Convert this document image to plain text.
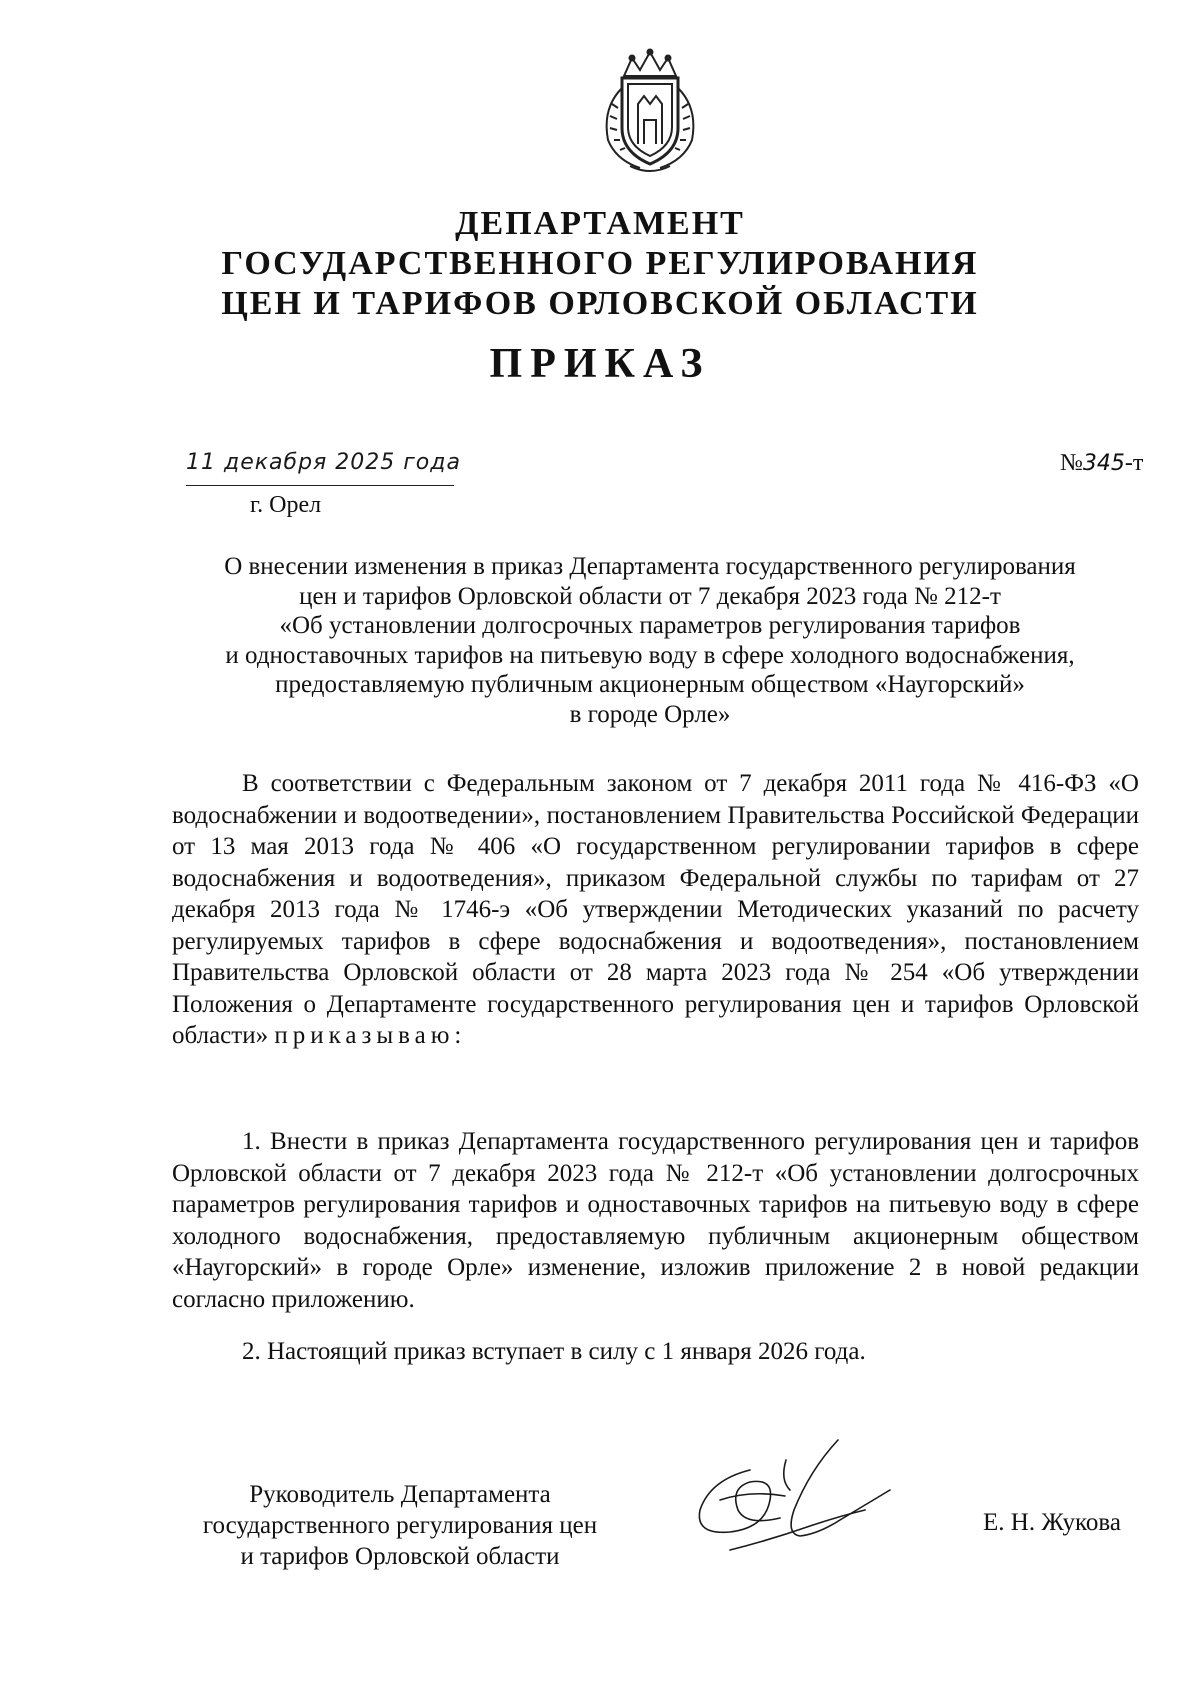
ДЕПАРТАМЕНТ
ГОСУДАРСТВЕННОГО РЕГУЛИРОВАНИЯ
ЦЕН И ТАРИФОВ ОРЛОВСКОЙ ОБЛАСТИ
ПРИКАЗ
11 декабря 2025 года
г. Орел
№345-т
О внесении изменения в приказ Департамента государственного регулирования
цен и тарифов Орловской области от 7 декабря 2023 года № 212-т
«Об установлении долгосрочных параметров регулирования тарифов
и одноставочных тарифов на питьевую воду в сфере холодного водоснабжения,
предоставляемую публичным акционерным обществом «Наугорский»
в городе Орле»
В соответствии с Федеральным законом от 7 декабря 2011 года № 416-ФЗ «О водоснабжении и водоотведении», постановлением Правительства Российской Федерации от 13 мая 2013 года № 406 «О государственном регулировании тарифов в сфере водоснабжения и водоотведения», приказом Федеральной службы по тарифам от 27 декабря 2013 года № 1746-э «Об утверждении Методических указаний по расчету регулируемых тарифов в сфере водоснабжения и водоотведения», постановлением Правительства Орловской области от 28 марта 2023 года № 254 «Об утверждении Положения о Департаменте государственного регулирования цен и тарифов Орловской области» приказываю:
1. Внести в приказ Департамента государственного регулирования цен и тарифов Орловской области от 7 декабря 2023 года № 212-т «Об установлении долгосрочных параметров регулирования тарифов и одноставочных тарифов на питьевую воду в сфере холодного водоснабжения, предоставляемую публичным акционерным обществом «Наугорский» в городе Орле» изменение, изложив приложение 2 в новой редакции согласно приложению.
2. Настоящий приказ вступает в силу с 1 января 2026 года.
Руководитель Департамента
государственного регулирования цен
и тарифов Орловской области
Е. Н. Жукова
